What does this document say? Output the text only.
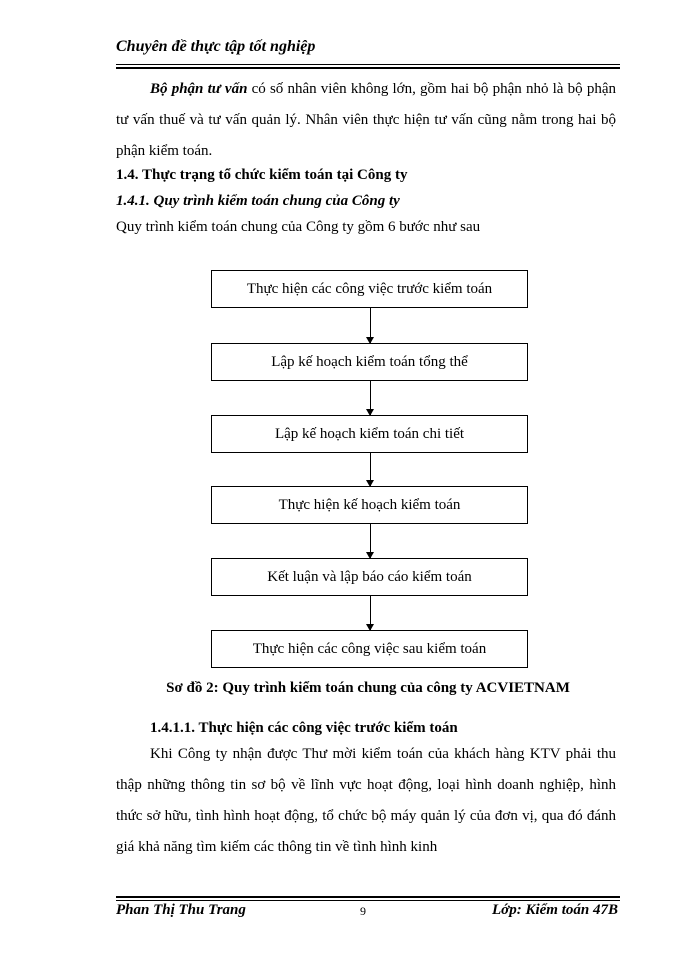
Chuyên đề thực tập tốt nghiệp
Bộ phận tư vấn có số nhân viên không lớn, gồm hai bộ phận nhỏ là bộ phận tư vấn thuế và tư vấn quản lý. Nhân viên thực hiện tư vấn cũng nằm trong hai bộ phận kiểm toán.
1.4. Thực trạng tổ chức kiểm toán tại Công ty
1.4.1. Quy trình kiểm toán chung của Công ty
Quy trình kiểm toán chung của Công ty gồm 6 bước như sau
Thực hiện các công việc trước kiểm toán
Lập kế hoạch kiểm toán tổng thể
Lập kế hoạch kiểm toán chi tiết
Thực hiện kế hoạch kiểm toán
Kết luận và lập báo cáo kiểm toán
Thực hiện các công việc sau kiểm toán
Sơ đồ 2: Quy trình kiểm toán chung của công ty ACVIETNAM
1.4.1.1. Thực hiện các công việc trước kiểm toán
Khi Công ty nhận được Thư mời kiểm toán của khách hàng KTV phải thu thập những thông tin sơ bộ về lĩnh vực hoạt động, loại hình doanh nghiệp, hình thức sở hữu, tình hình hoạt động, tổ chức bộ máy quản lý của đơn vị, qua đó đánh giá khả năng tìm kiếm các thông tin về tình hình kinh
Phan Thị Thu Trang	9	Lớp: Kiểm toán 47B
